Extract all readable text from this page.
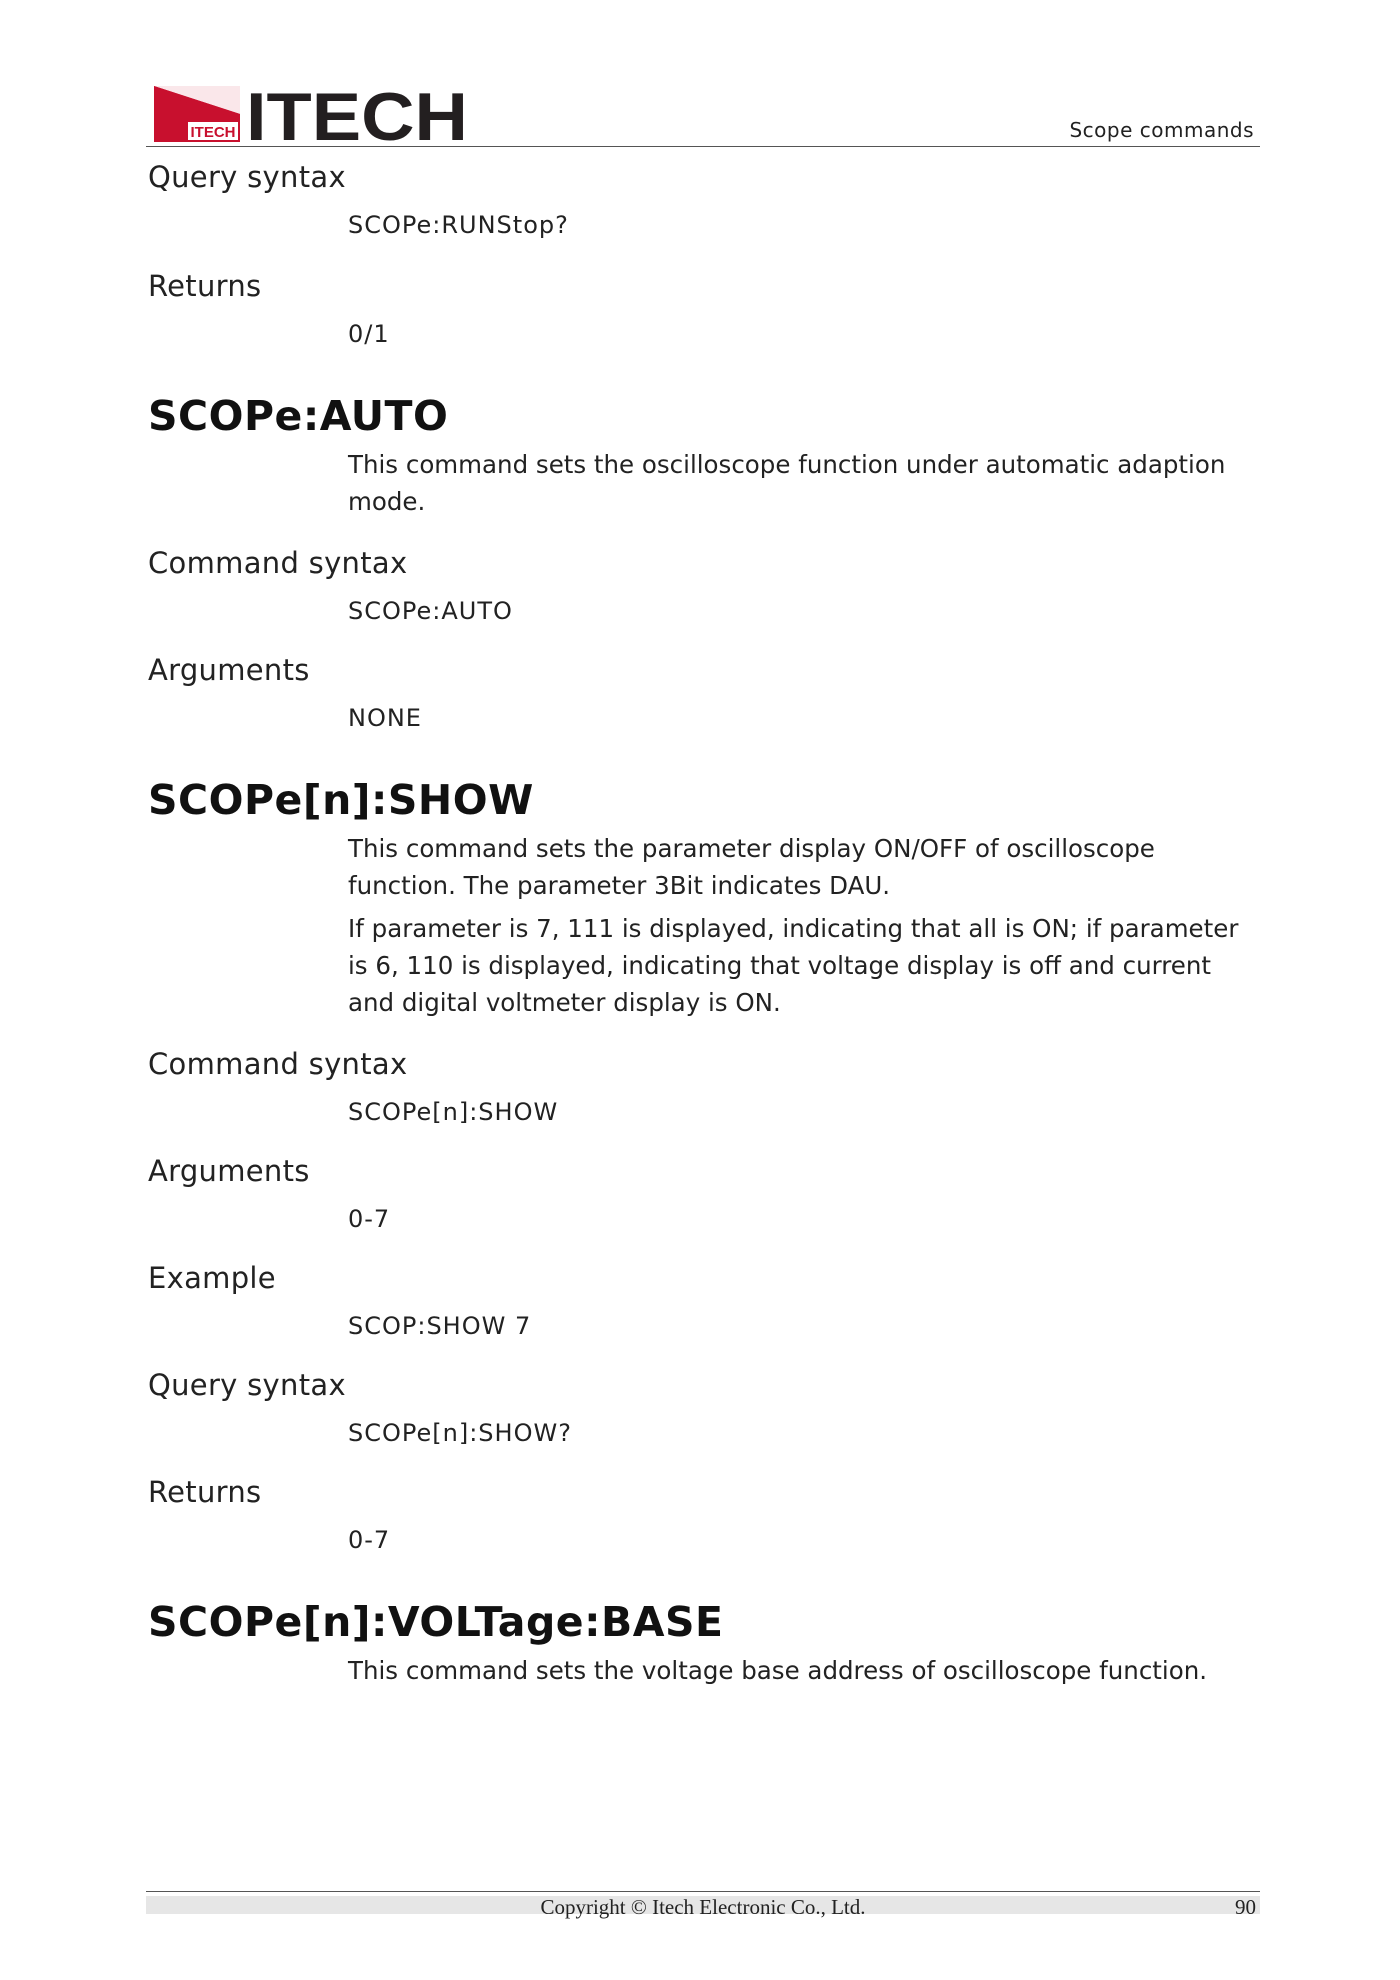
ITECH ITECH	Scope commands

Query syntax

SCOPe:RUNStop?

Returns

0/1

SCOPe:AUTO

This command sets the oscilloscope function under automatic adaption mode.

Command syntax

SCOPe:AUTO

Arguments

NONE

SCOPe[n]:SHOW

This command sets the parameter display ON/OFF of oscilloscope function. The parameter 3Bit indicates DAU.

If parameter is 7, 111 is displayed, indicating that all is ON; if parameter is 6, 110 is displayed, indicating that voltage display is off and current and digital voltmeter display is ON.

Command syntax

SCOPe[n]:SHOW

Arguments

0-7

Example

SCOP:SHOW 7

Query syntax

SCOPe[n]:SHOW?

Returns

0-7

SCOPe[n]:VOLTage:BASE

This command sets the voltage base address of oscilloscope function.

Copyright © Itech Electronic Co., Ltd.	90
